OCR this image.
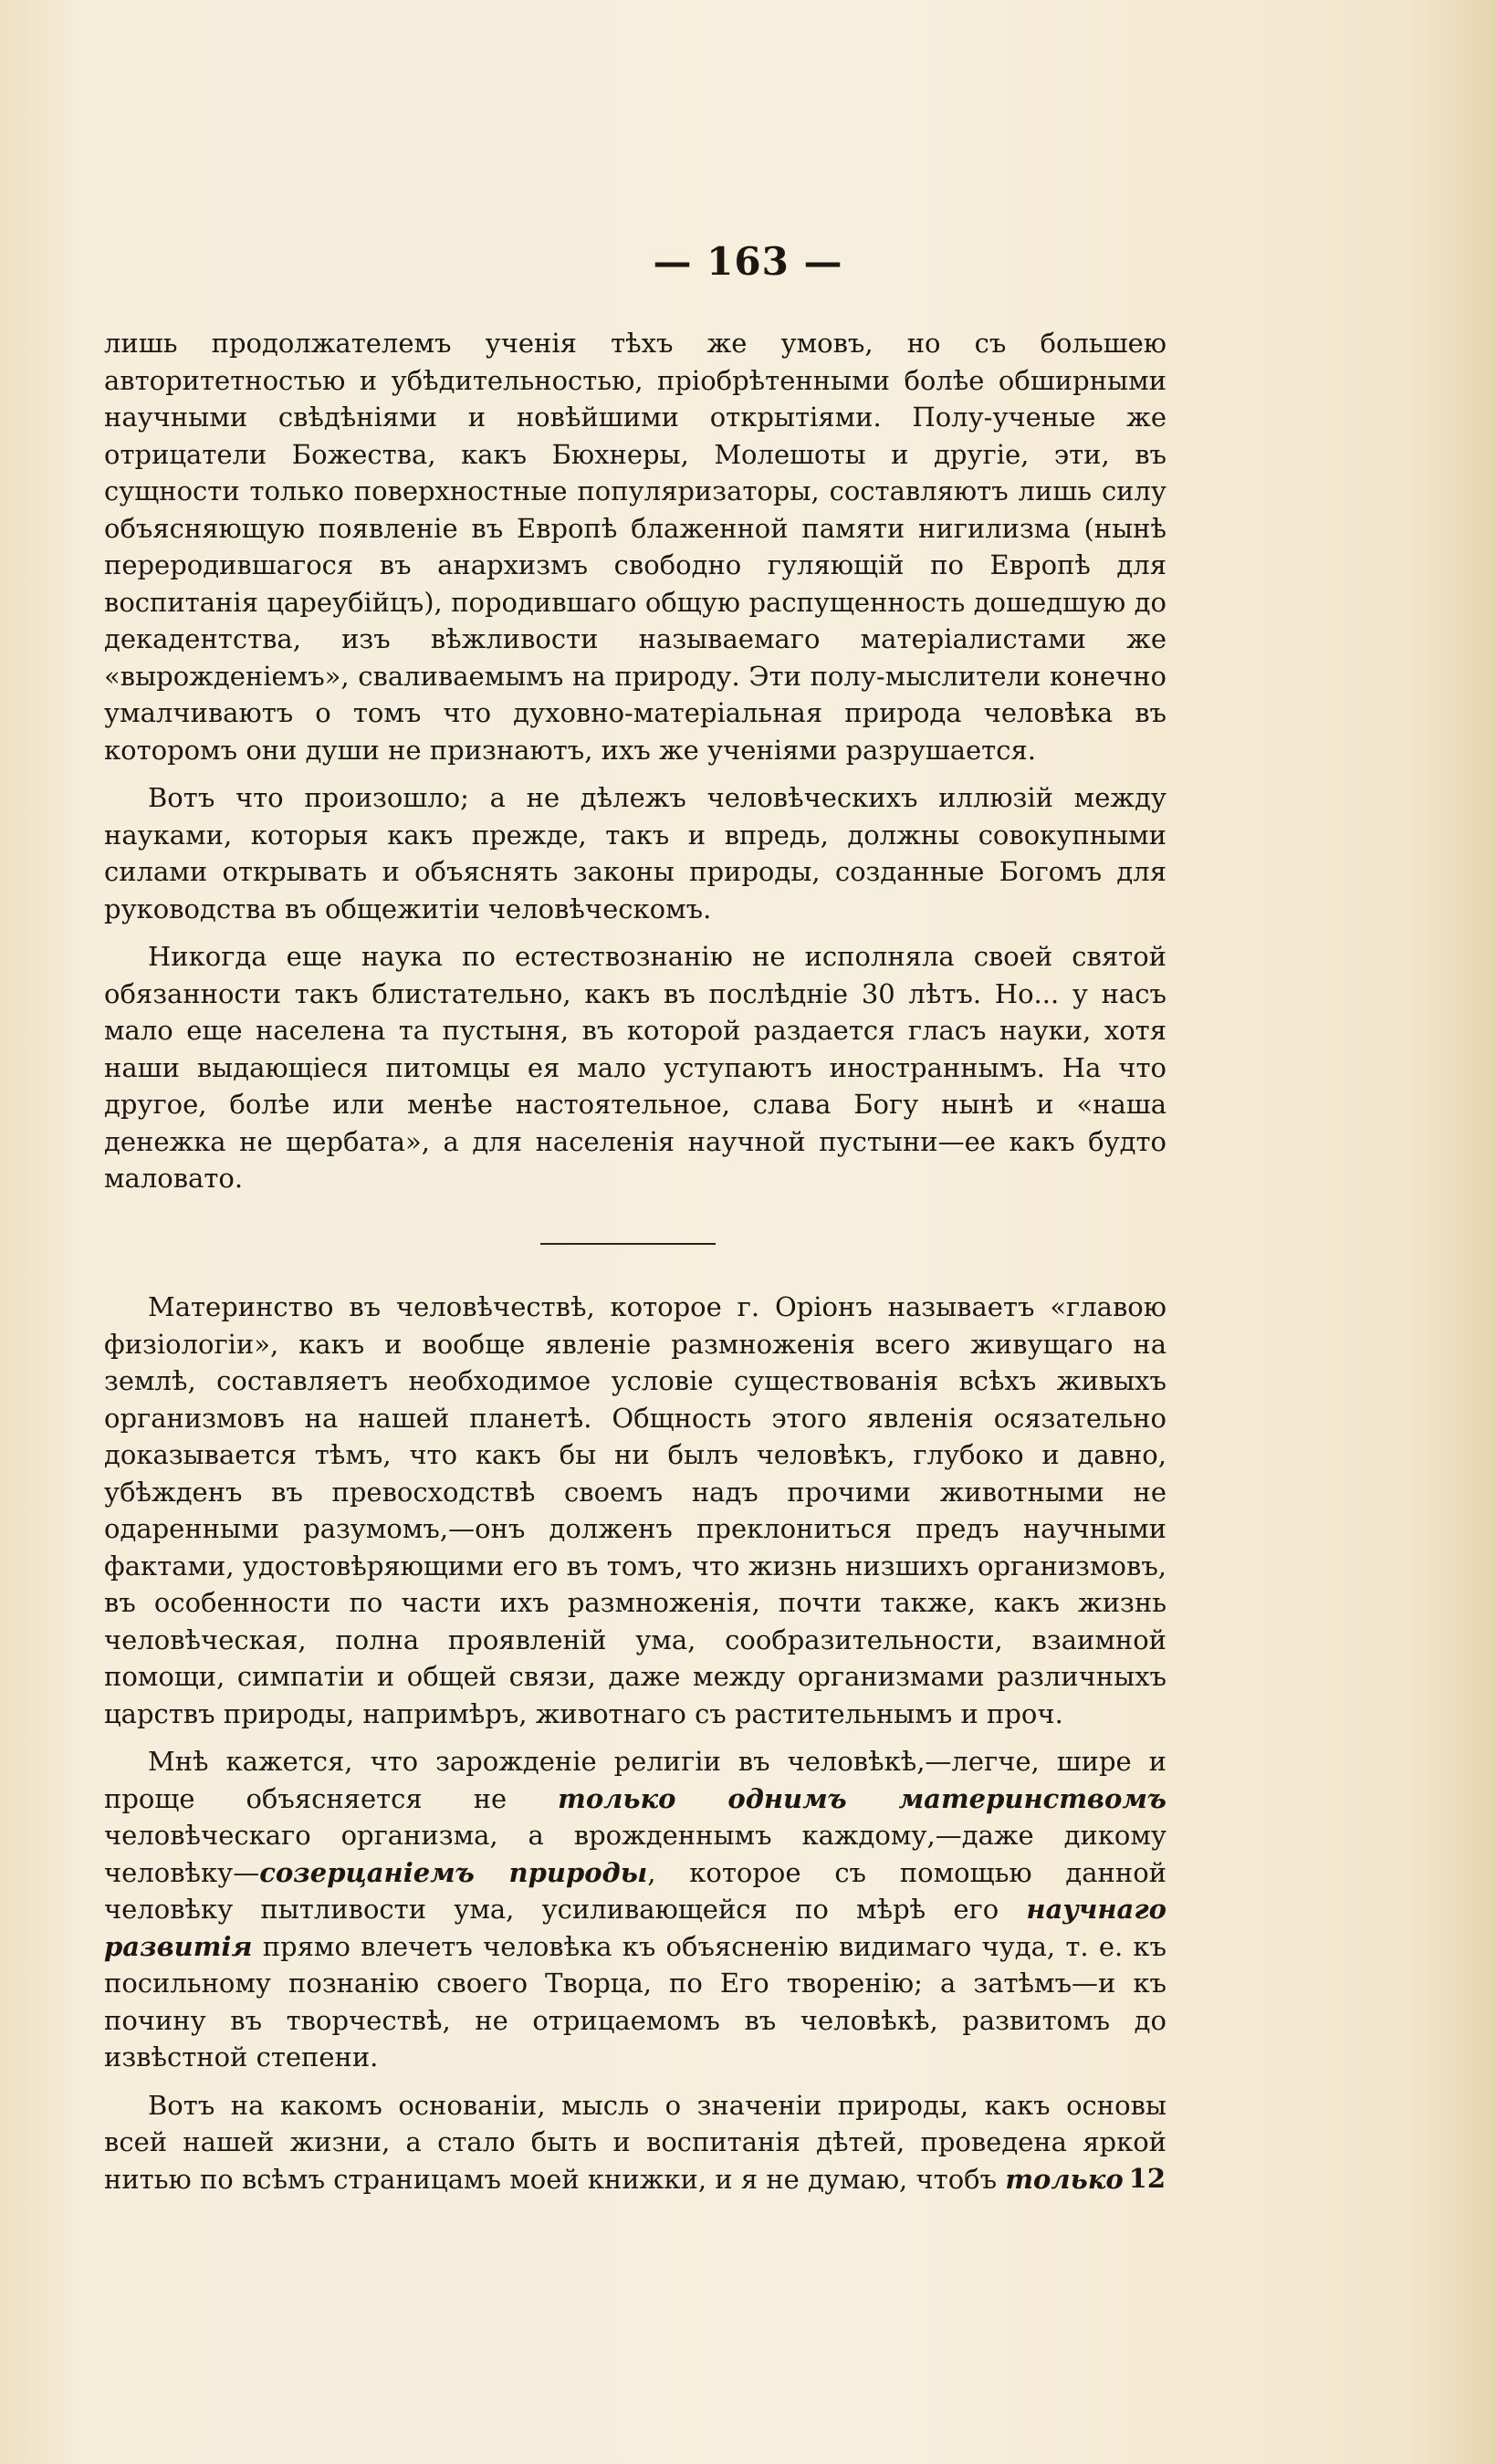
— 163 —

лишь продолжателемъ ученія тѣхъ же умовъ, но съ большею авторитетностью и убѣдительностью, пріобрѣтенными болѣе обширными научными свѣдѣніями и новѣйшими открытіями. Полу-ученые же отрицатели Божества, какъ Бюхнеры, Молешоты и другіе, эти, въ сущности только поверхностные популяризаторы, составляютъ лишь силу объясняющую появленіе въ Европѣ блаженной памяти нигилизма (нынѣ переродившагося въ анархизмъ свободно гуляющій по Европѣ для воспитанія цареубійцъ), породившаго общую распущенность дошедшую до декадентства, изъ вѣжливости называемаго матеріалистами же «вырожденіемъ», сваливаемымъ на природу. Эти полу-мыслители конечно умалчиваютъ о томъ что духовно-матеріальная природа человѣка въ которомъ они души не признаютъ, ихъ же ученіями разрушается.

Вотъ что произошло; а не дѣлежъ человѣческихъ иллюзій между науками, которыя какъ прежде, такъ и впредь, должны совокупными силами открывать и объяснять законы природы, созданные Богомъ для руководства въ общежитіи человѣческомъ.

Никогда еще наука по естествознанію не исполняла своей святой обязанности такъ блистательно, какъ въ послѣдніе 30 лѣтъ. Но... у насъ мало еще населена та пустыня, въ которой раздается гласъ науки, хотя наши выдающіеся питомцы ея мало уступаютъ иностраннымъ. На что другое, болѣе или менѣе настоятельное, слава Богу нынѣ и «наша денежка не щербата», а для населенія научной пустыни—ее какъ будто маловато.

Материнство въ человѣчествѣ, которое г. Оріонъ называетъ «главою физіологіи», какъ и вообще явленіе размноженія всего живущаго на землѣ, составляетъ необходимое условіе существованія всѣхъ живыхъ организмовъ на нашей планетѣ. Общность этого явленія осязательно доказывается тѣмъ, что какъ бы ни былъ человѣкъ, глубоко и давно, убѣжденъ въ превосходствѣ своемъ надъ прочими животными не одаренными разумомъ,—онъ долженъ преклониться предъ научными фактами, удостовѣряющими его въ томъ, что жизнь низшихъ организмовъ, въ особенности по части ихъ размноженія, почти также, какъ жизнь человѣческая, полна проявленій ума, сообразительности, взаимной помощи, симпатіи и общей связи, даже между организмами различныхъ царствъ природы, напримѣръ, животнаго съ растительнымъ и проч.

Мнѣ кажется, что зарожденіе религіи въ человѣкѣ,—легче, шире и проще объясняется не только однимъ материнствомъ человѣческаго организма, а врожденнымъ каждому,—даже дикому человѣку—созерцаніемъ природы, которое съ помощью данной человѣку пытливости ума, усиливающейся по мѣрѣ его научнаго развитія прямо влечетъ человѣка къ объясненію видимаго чуда, т. е. къ посильному познанію своего Творца, по Его творенію; а затѣмъ—и къ почину въ творчествѣ, не отрицаемомъ въ человѣкѣ, развитомъ до извѣстной степени.

Вотъ на какомъ основаніи, мысль о значеніи природы, какъ основы всей нашей жизни, а стало быть и воспитанія дѣтей, проведена яркой нитью по всѣмъ страницамъ моей книжки, и я не думаю, чтобъ только 12
